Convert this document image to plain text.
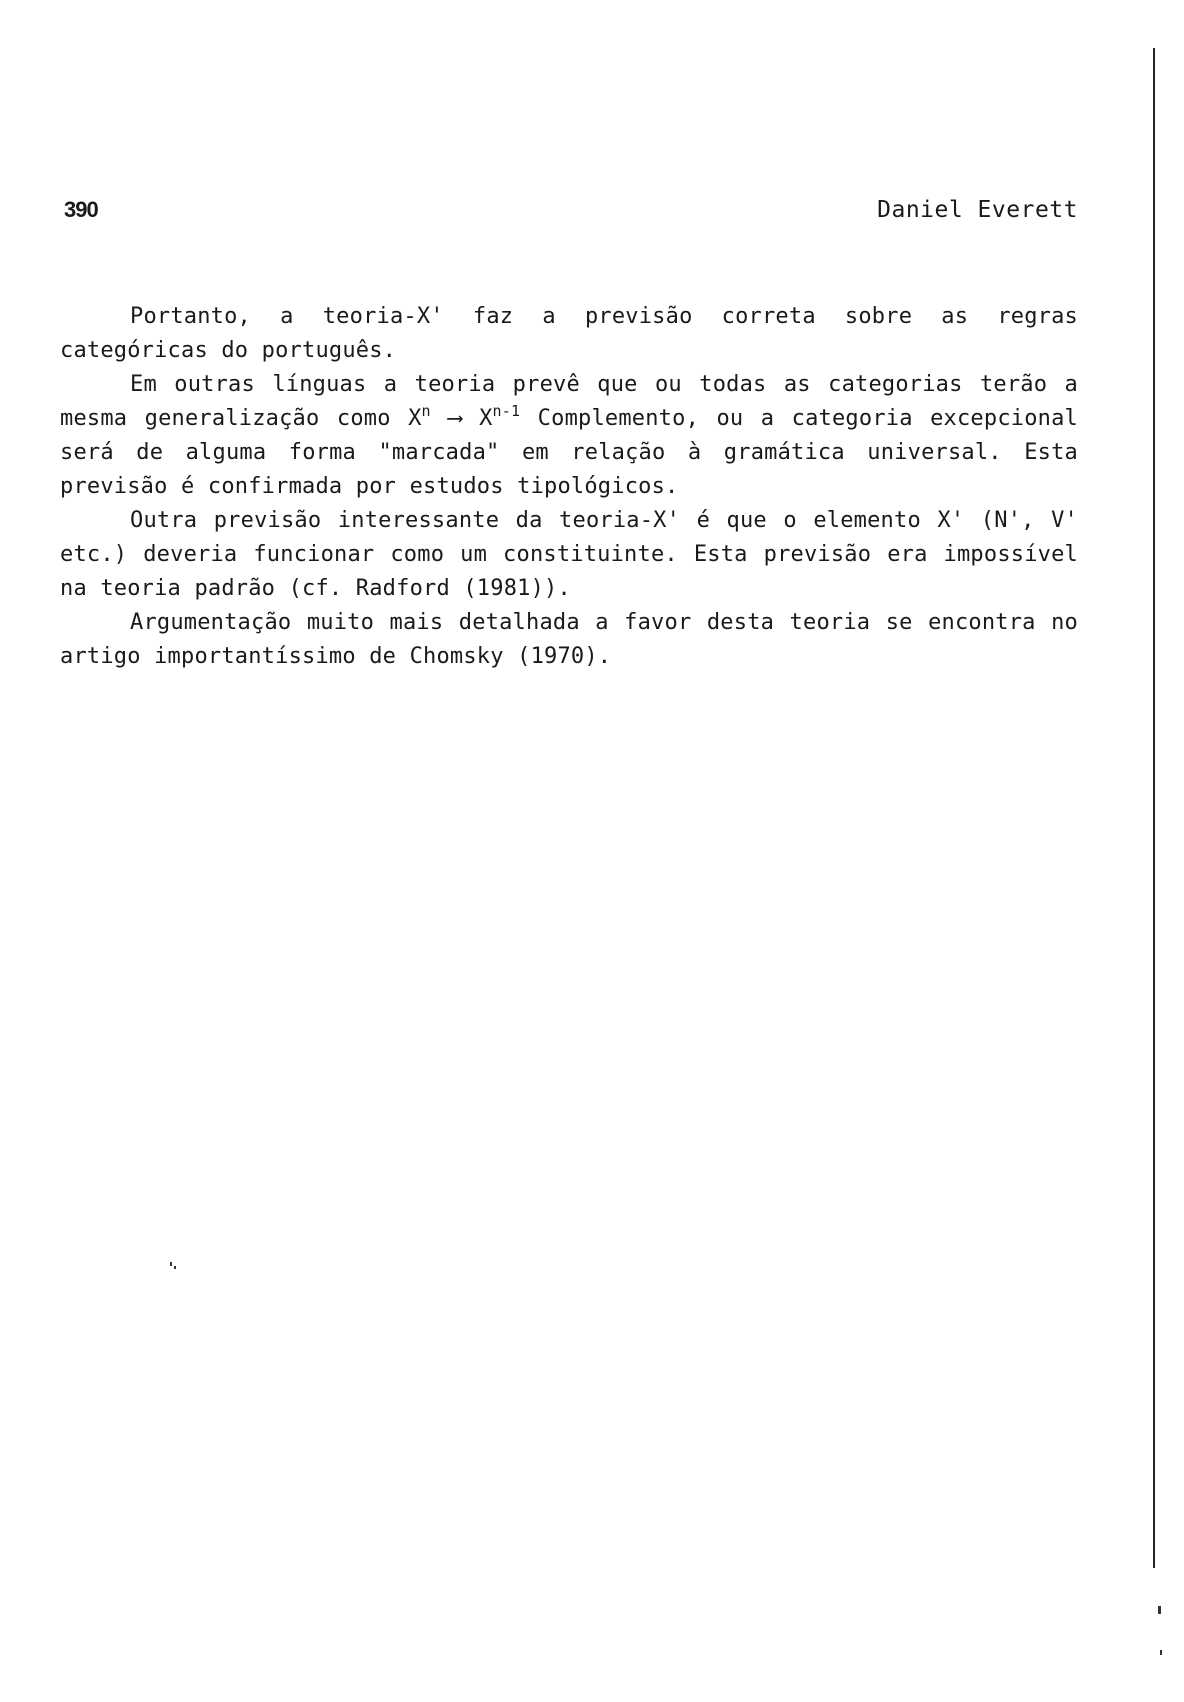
390	Daniel Everett

Portanto, a teoria-X' faz a previsão correta sobre as regras categóricas do português.

Em outras línguas a teoria prevê que ou todas as categorias terão a mesma generalização como $X^n$ ⟶ $X^{n-1}$ Complemento, ou a categoria excepcional será de alguma forma "marcada" em relação à gramática universal. Esta previsão é confirmada por estudos tipológicos.

Outra previsão interessante da teoria-X' é que o elemento X' (N', V' etc.) deveria funcionar como um constituinte. Esta previsão era impossível na teoria padrão (cf. Radford (1981)).

Argumentação muito mais detalhada a favor desta teoria se encontra no artigo importantíssimo de Chomsky (1970).
